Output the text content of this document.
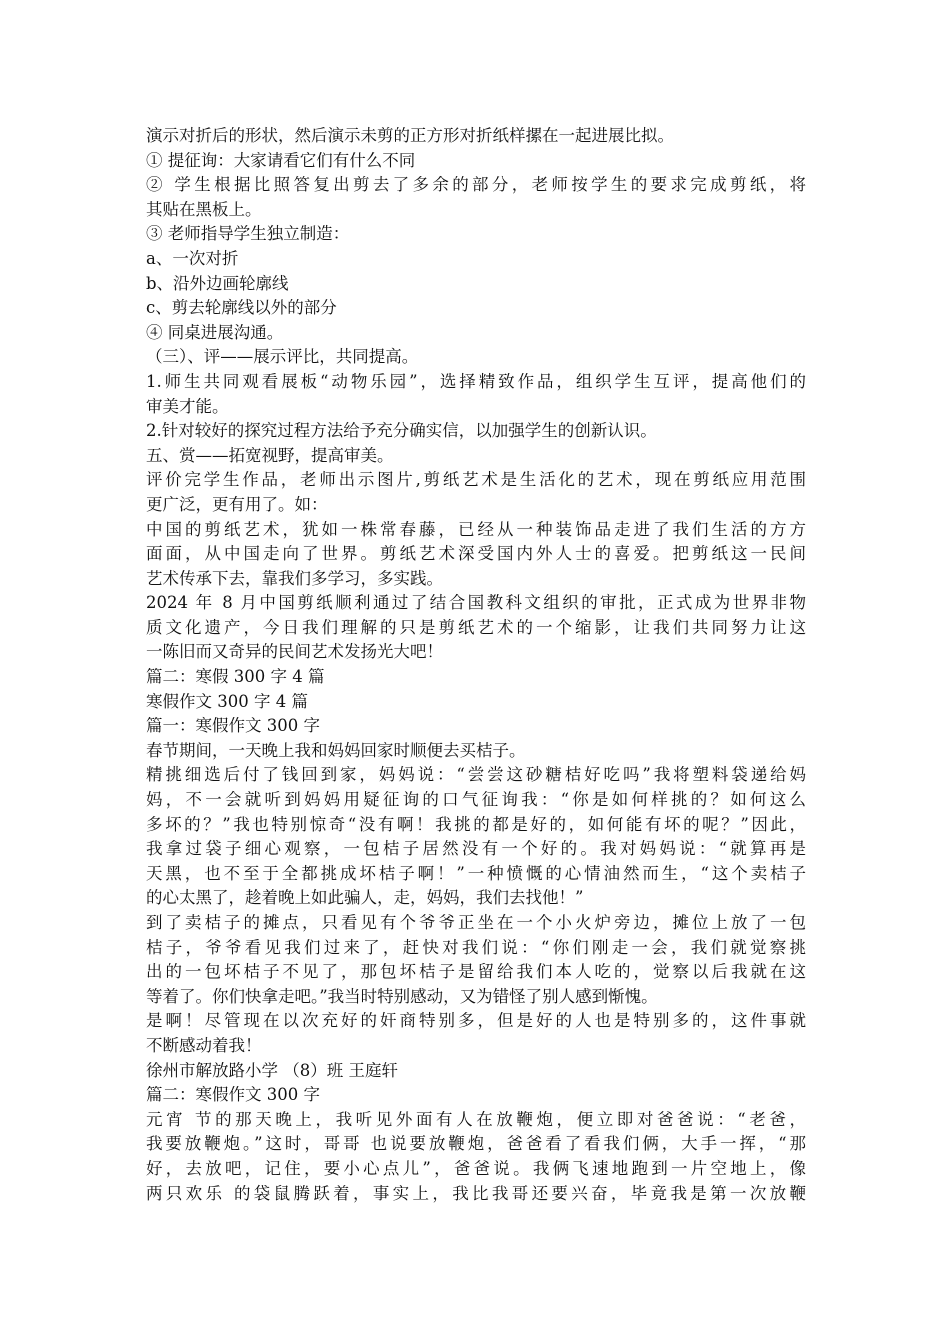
演示对折后的形状，然后演示未剪的正方形对折纸样摞在一起进展比拟。
① 提征询：大家请看它们有什么不同
② 学生根据比照答复出剪去了多余的部分，老师按学生的要求完成剪纸，将
其贴在黑板上。
③ 老师指导学生独立制造：
a、一次对折
b、沿外边画轮廓线
c、剪去轮廓线以外的部分
④ 同桌进展沟通。
（三）、评——展示评比，共同提高。
1.师生共同观看展板“动物乐园”，选择精致作品，组织学生互评，提高他们的
审美才能。
2.针对较好的探究过程方法给予充分确实信，以加强学生的创新认识。
五、赏——拓宽视野，提高审美。
评价完学生作品，老师出示图片,剪纸艺术是生活化的艺术，现在剪纸应用范围
更广泛，更有用了。如：
中国的剪纸艺术，犹如一株常春藤，已经从一种装饰品走进了我们生活的方方
面面，从中国走向了世界。剪纸艺术深受国内外人士的喜爱。把剪纸这一民间
艺术传承下去，靠我们多学习，多实践。
2024 年 8 月中国剪纸顺利通过了结合国教科文组织的审批，正式成为世界非物
质文化遗产，今日我们理解的只是剪纸艺术的一个缩影，让我们共同努力让这
一陈旧而又奇异的民间艺术发扬光大吧！
篇二：寒假 300 字 4 篇
寒假作文 300 字 4 篇
篇一：寒假作文 300 字
春节期间，一天晚上我和妈妈回家时顺便去买桔子。
精挑细选后付了钱回到家，妈妈说：“尝尝这砂糖桔好吃吗”我将塑料袋递给妈
妈，不一会就听到妈妈用疑征询的口气征询我：“你是如何样挑的？如何这么
多坏的？”我也特别惊奇“没有啊！我挑的都是好的，如何能有坏的呢？”因此，
我拿过袋子细心观察，一包桔子居然没有一个好的。我对妈妈说：“就算再是
天黑，也不至于全都挑成坏桔子啊！”一种愤慨的心情油然而生，“这个卖桔子
的心太黑了，趁着晚上如此骗人，走，妈妈，我们去找他！”
到了卖桔子的摊点，只看见有个爷爷正坐在一个小火炉旁边，摊位上放了一包
桔子，爷爷看见我们过来了，赶快对我们说：“你们刚走一会，我们就觉察挑
出的一包坏桔子不见了，那包坏桔子是留给我们本人吃的，觉察以后我就在这
等着了。你们快拿走吧。”我当时特别感动，又为错怪了别人感到惭愧。
是啊！尽管现在以次充好的奸商特别多，但是好的人也是特别多的，这件事就
不断感动着我！
徐州市解放路小学 （8）班 王庭轩
篇二：寒假作文 300 字
元宵 节的那天晚上，我听见外面有人在放鞭炮，便立即对爸爸说：“老爸，
我要放鞭炮。”这时，哥哥 也说要放鞭炮，爸爸看了看我们俩，大手一挥，“那
好，去放吧，记住，要小心点儿”，爸爸说。我俩飞速地跑到一片空地上，像
两只欢乐 的袋鼠腾跃着，事实上，我比我哥还要兴奋，毕竟我是第一次放鞭
